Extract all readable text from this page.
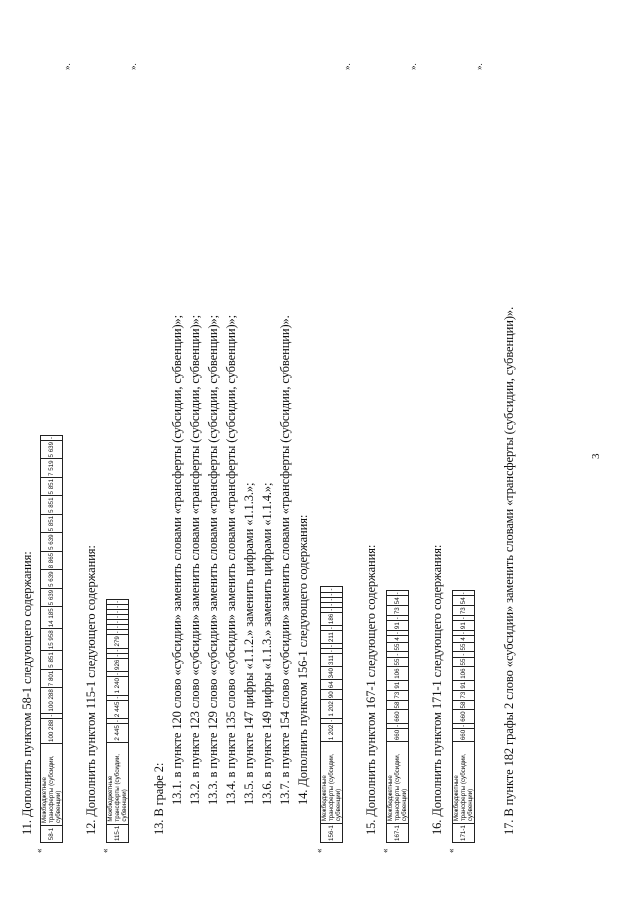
3
11. Дополнить пунктом 58-1 следующего содержания:
«
58-1	Межбюджетные трансферты (субсидии, субвенции)	100 288	-	100 288	7 801	5 851	15 958	14 185	5 639	5 639	8 865	5 639	5 851	5 851	5 851	7 519	5 639	-
».
12. Дополнить пунктом 115-1 следующего содержания:
«
115-1	Межбюджетные трансферты (субсидии, субвенции)	2 445	-	2 445	-	1 240	-	926	-	-	279	-	-	-	-	-	-	-
».
13. В графе 2: 13.1. в пункте 120 слово «субсидии» заменить словами «трансферты (субсидии, субвенции)»; 13.2. в пункте 123 слово «субсидии» заменить словами «трансферты (субсидии, субвенции)»; 13.3. в пункте 129 слово «субсидии» заменить словами «трансферты (субсидии, субвенции)»; 13.4. в пункте 135 слово «субсидии» заменить словами «трансферты (субсидии, субвенции)»; 13.5. в пункте 147 цифры «1.1.2.» заменить цифрами «1.1.3.»; 13.6. в пункте 149 цифры «1.1.3.» заменить цифрами «1.1.4.»; 13.7. в пункте 154 слово «субсидии» заменить словами «трансферты (субсидии, субвенции)». 14. Дополнить пунктом 156-1 следующего содержания:
«
156-1	Межбюджетные трансферты (субсидии, субвенции)	1 202	-	1 202	90	64	340	311	-	-	211	-	186	-	-	-	-	-
».
15. Дополнить пунктом 167-1 следующего содержания:
«
167-1	Межбюджетные трансферты (субсидии, субвенции)	660	-	660	58	73	91	106	55	-	55	4	-	91	-	73	54	-
».
16. Дополнить пунктом 171-1 следующего содержания:
«
171-1	Межбюджетные трансферты (субсидии, субвенции)	660	-	660	58	73	91	106	55	-	55	4	-	91	-	73	54	-
».
17. В пункте 182 графы 2 слово «субсидии» заменить словами «трансферты (субсидии, субвенции)».
